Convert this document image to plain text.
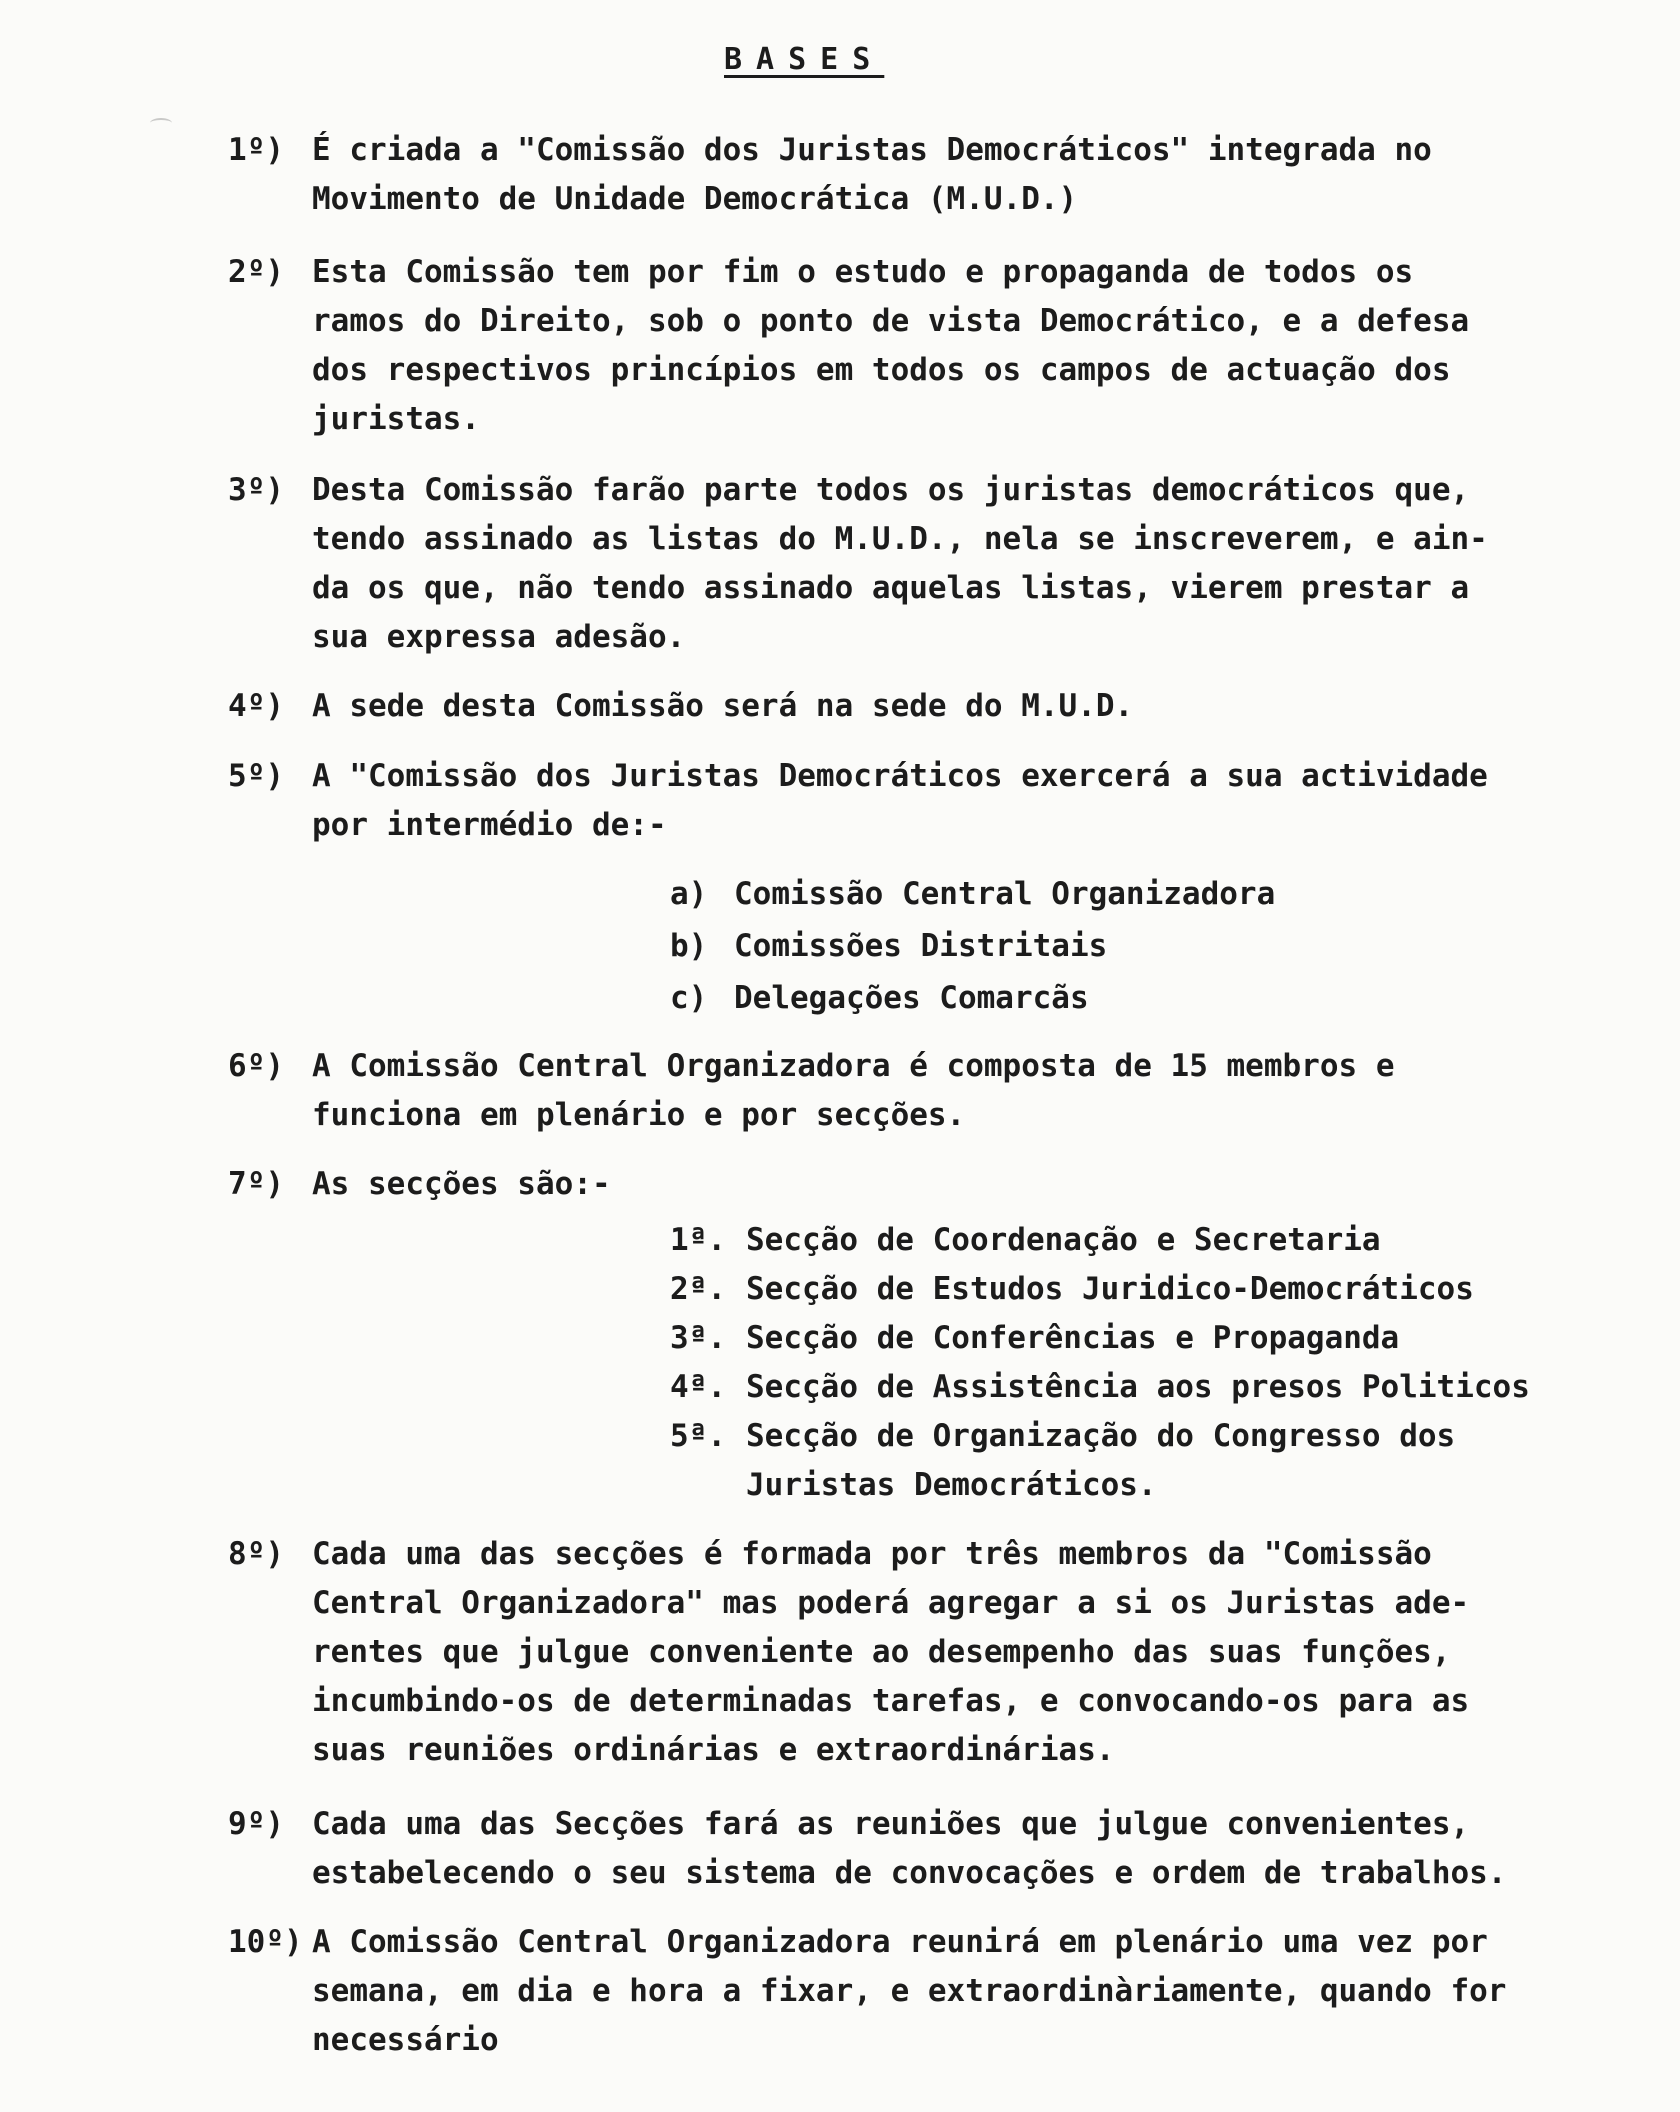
BASES
1º) É criada a "Comissão dos Juristas Democráticos" integrada no
Movimento de Unidade Democrática (M.U.D.)
2º) Esta Comissão tem por fim o estudo e propaganda de todos os
ramos do Direito, sob o ponto de vista Democrático, e a defesa
dos respectivos princípios em todos os campos de actuação dos
juristas.
3º) Desta Comissão farão parte todos os juristas democráticos que,
tendo assinado as listas do M.U.D., nela se inscreverem, e ain-
da os que, não tendo assinado aquelas listas, vierem prestar a
sua expressa adesão.
4º) A sede desta Comissão será na sede do M.U.D.
5º) A "Comissão dos Juristas Democráticos exercerá a sua actividade
por intermédio de:-
a) Comissão Central Organizadora
b) Comissões Distritais
c) Delegações Comarcãs
6º) A Comissão Central Organizadora é composta de 15 membros e
funciona em plenário e por secções.
7º) As secções são:-
1ª. Secção de Coordenação e Secretaria
2ª. Secção de Estudos Juridico-Democráticos
3ª. Secção de Conferências e Propaganda
4ª. Secção de Assistência aos presos Politicos
5ª. Secção de Organização do Congresso dos Juristas Democráticos.
8º) Cada uma das secções é formada por três membros da "Comissão
Central Organizadora" mas poderá agregar a si os Juristas ade-
rentes que julgue conveniente ao desempenho das suas funções,
incumbindo-os de determinadas tarefas, e convocando-os para as
suas reuniões ordinárias e extraordinárias.
9º) Cada uma das Secções fará as reuniões que julgue convenientes,
estabelecendo o seu sistema de convocações e ordem de trabalhos.
10º) A Comissão Central Organizadora reunirá em plenário uma vez por
semana, em dia e hora a fixar, e extraordinàriamente, quando for
necessário
